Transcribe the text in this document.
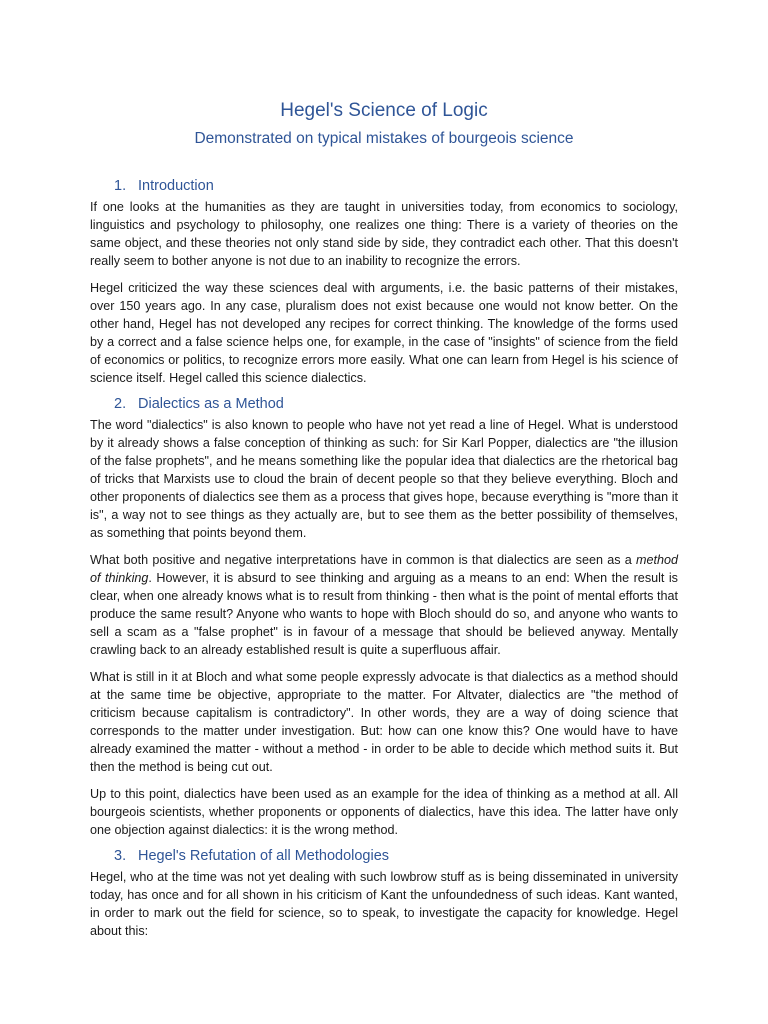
Hegel's Science of Logic
Demonstrated on typical mistakes of bourgeois science
1. Introduction

If one looks at the humanities as they are taught in universities today, from economics to sociology, linguistics and psychology to philosophy, one realizes one thing: There is a variety of theories on the same object, and these theories not only stand side by side, they contradict each other. That this doesn't really seem to bother anyone is not due to an inability to recognize the errors.

Hegel criticized the way these sciences deal with arguments, i.e. the basic patterns of their mistakes, over 150 years ago. In any case, pluralism does not exist because one would not know better. On the other hand, Hegel has not developed any recipes for correct thinking. The knowledge of the forms used by a correct and a false science helps one, for example, in the case of "insights" of science from the field of economics or politics, to recognize errors more easily. What one can learn from Hegel is his science of science itself. Hegel called this science dialectics.

2. Dialectics as a Method

The word "dialectics" is also known to people who have not yet read a line of Hegel. What is understood by it already shows a false conception of thinking as such: for Sir Karl Popper, dialectics are "the illusion of the false prophets", and he means something like the popular idea that dialectics are the rhetorical bag of tricks that Marxists use to cloud the brain of decent people so that they believe everything. Bloch and other proponents of dialectics see them as a process that gives hope, because everything is "more than it is", a way not to see things as they actually are, but to see them as the better possibility of themselves, as something that points beyond them.

What both positive and negative interpretations have in common is that dialectics are seen as a method of thinking. However, it is absurd to see thinking and arguing as a means to an end: When the result is clear, when one already knows what is to result from thinking - then what is the point of mental efforts that produce the same result? Anyone who wants to hope with Bloch should do so, and anyone who wants to sell a scam as a "false prophet" is in favour of a message that should be believed anyway. Mentally crawling back to an already established result is quite a superfluous affair.

What is still in it at Bloch and what some people expressly advocate is that dialectics as a method should at the same time be objective, appropriate to the matter. For Altvater, dialectics are "the method of criticism because capitalism is contradictory". In other words, they are a way of doing science that corresponds to the matter under investigation. But: how can one know this? One would have to have already examined the matter - without a method - in order to be able to decide which method suits it. But then the method is being cut out.

Up to this point, dialectics have been used as an example for the idea of thinking as a method at all. All bourgeois scientists, whether proponents or opponents of dialectics, have this idea. The latter have only one objection against dialectics: it is the wrong method.

3. Hegel's Refutation of all Methodologies

Hegel, who at the time was not yet dealing with such lowbrow stuff as is being disseminated in university today, has once and for all shown in his criticism of Kant the unfoundedness of such ideas. Kant wanted, in order to mark out the field for science, so to speak, to investigate the capacity for knowledge. Hegel about this:
